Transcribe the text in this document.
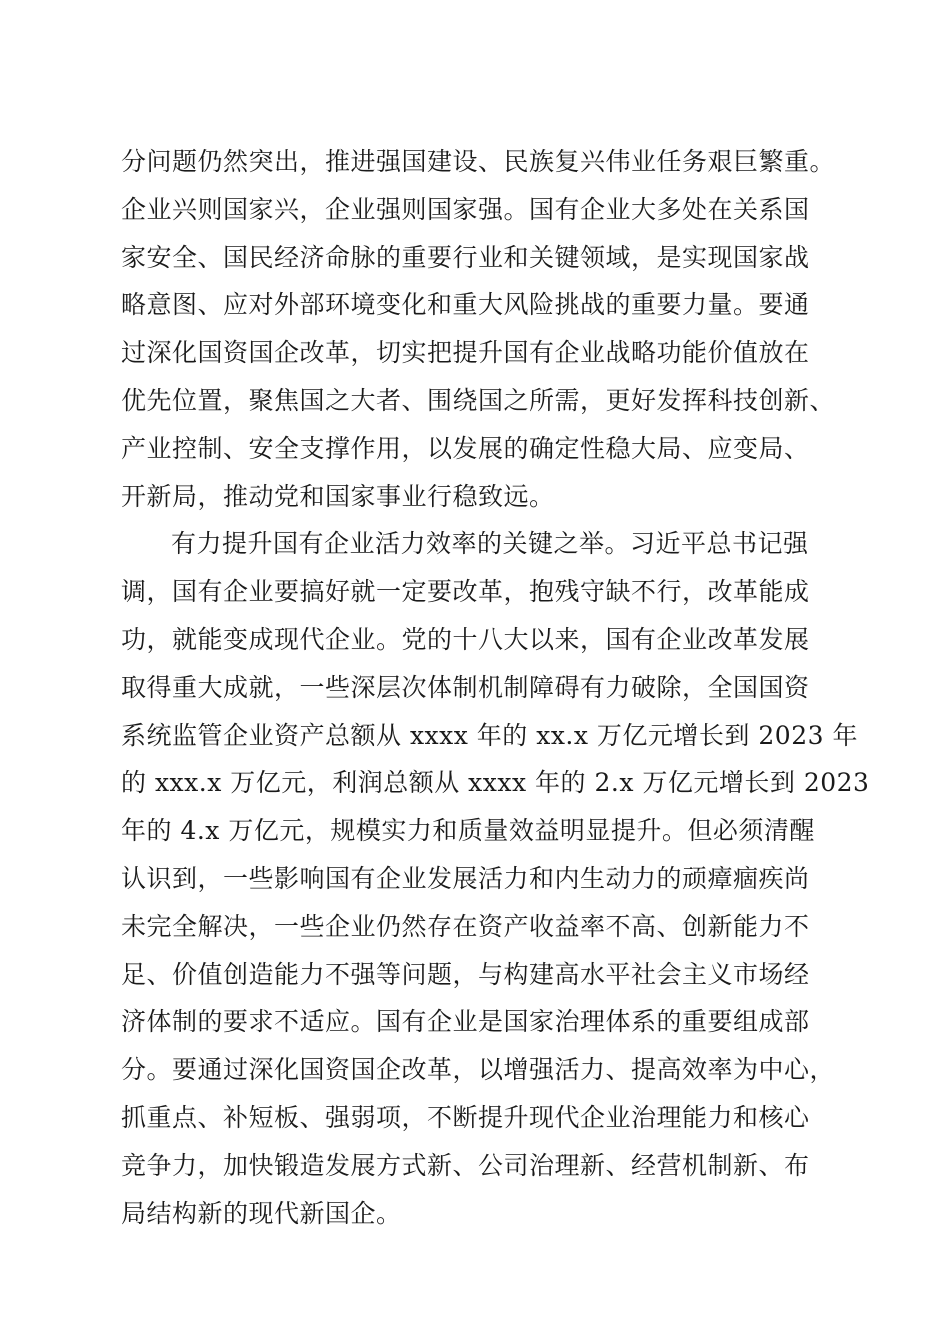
分问题仍然突出，推进强国建设、民族复兴伟业任务艰巨繁重。
企业兴则国家兴，企业强则国家强。国有企业大多处在关系国
家安全、国民经济命脉的重要行业和关键领域，是实现国家战
略意图、应对外部环境变化和重大风险挑战的重要力量。要通
过深化国资国企改革，切实把提升国有企业战略功能价值放在
优先位置，聚焦国之大者、围绕国之所需，更好发挥科技创新、
产业控制、安全支撑作用，以发展的确定性稳大局、应变局、
开新局，推动党和国家事业行稳致远。
有力提升国有企业活力效率的关键之举。习近平总书记强
调，国有企业要搞好就一定要改革，抱残守缺不行，改革能成
功，就能变成现代企业。党的十八大以来，国有企业改革发展
取得重大成就，一些深层次体制机制障碍有力破除，全国国资
系统监管企业资产总额从 xxxx 年的 xx.x 万亿元增长到 2023 年
的 xxx.x 万亿元，利润总额从 xxxx 年的 2.x 万亿元增长到 2023
年的 4.x 万亿元，规模实力和质量效益明显提升。但必须清醒
认识到，一些影响国有企业发展活力和内生动力的顽瘴痼疾尚
未完全解决，一些企业仍然存在资产收益率不高、创新能力不
足、价值创造能力不强等问题，与构建高水平社会主义市场经
济体制的要求不适应。国有企业是国家治理体系的重要组成部
分。要通过深化国资国企改革，以增强活力、提高效率为中心，
抓重点、补短板、强弱项，不断提升现代企业治理能力和核心
竞争力，加快锻造发展方式新、公司治理新、经营机制新、布
局结构新的现代新国企。
